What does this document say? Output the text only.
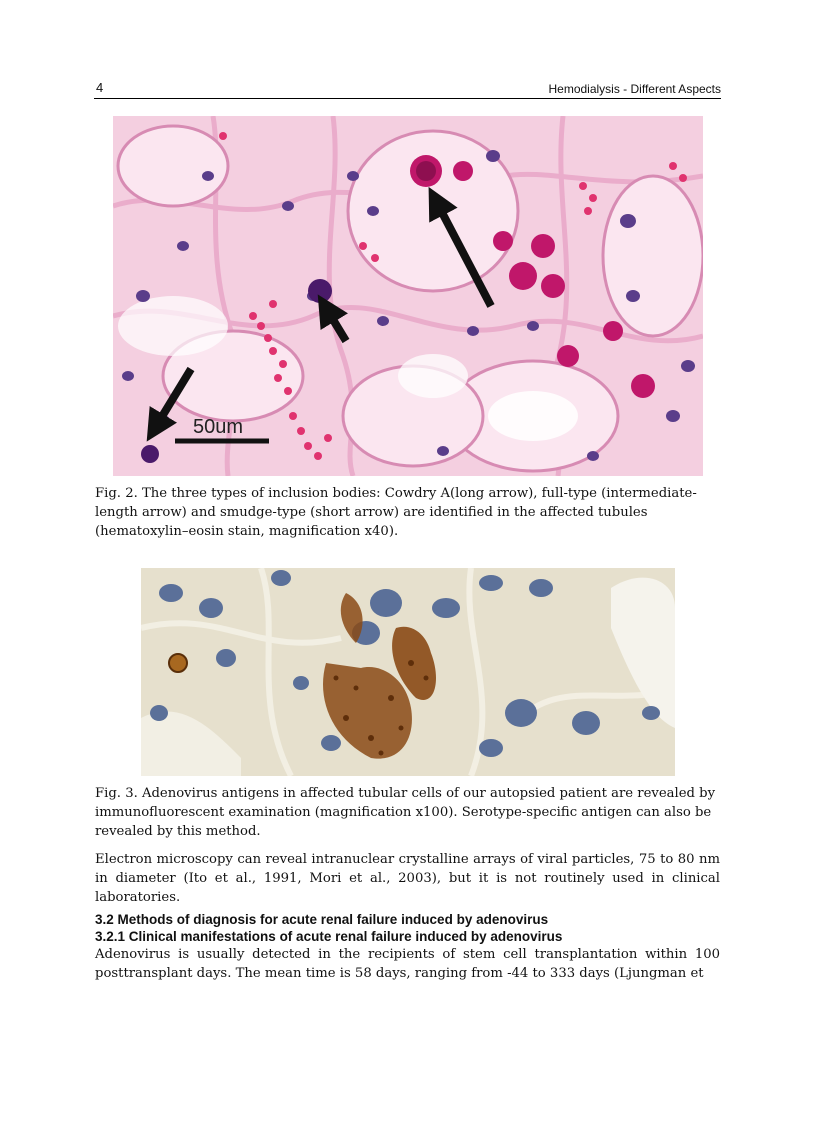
4	Hemodialysis - Different Aspects
50um
Fig. 2. The three types of inclusion bodies: Cowdry A(long arrow), full-type (intermediate-length arrow) and smudge-type (short arrow) are identified in the affected tubules (hematoxylin–eosin stain, magnification x40).
Fig. 3. Adenovirus antigens in affected tubular cells of our autopsied patient are revealed by immunofluorescent examination (magnification x100). Serotype-specific antigen can also be revealed by this method.
Electron microscopy can reveal intranuclear crystalline arrays of viral particles, 75 to 80 nm in diameter (Ito et al., 1991, Mori et al., 2003), but it is not routinely used in clinical laboratories.
3.2 Methods of diagnosis for acute renal failure induced by adenovirus
3.2.1 Clinical manifestations of acute renal failure induced by adenovirus
Adenovirus is usually detected in the recipients of stem cell transplantation within 100 posttransplant days. The mean time is 58 days, ranging from -44 to 333 days (Ljungman et
